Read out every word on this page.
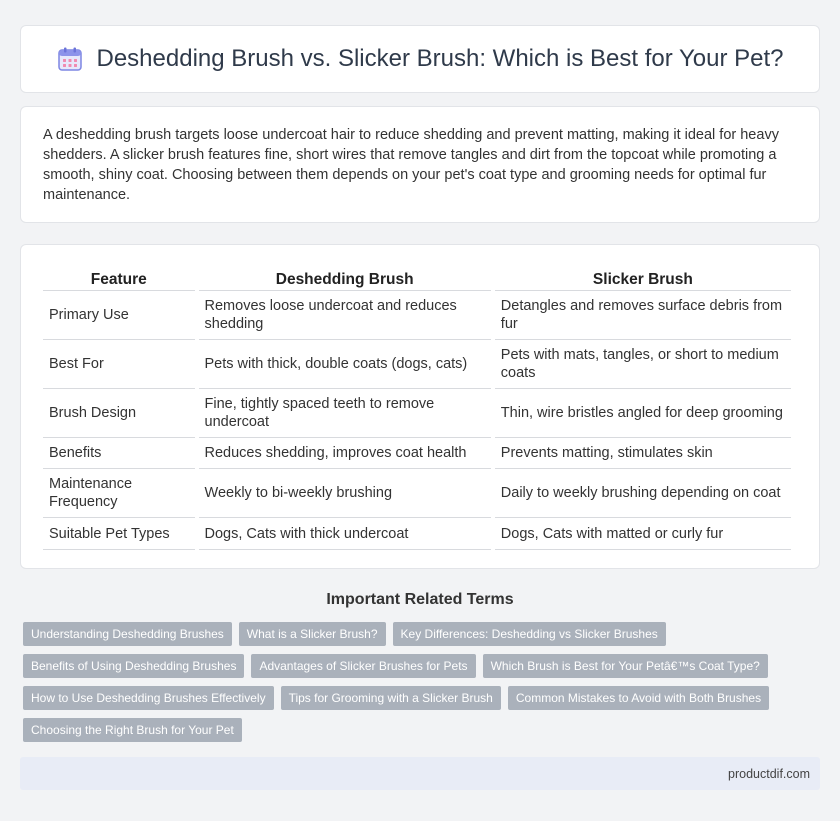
Deshedding Brush vs. Slicker Brush: Which is Best for Your Pet?

A deshedding brush targets loose undercoat hair to reduce shedding and prevent matting, making it ideal for heavy shedders. A slicker brush features fine, short wires that remove tangles and dirt from the topcoat while promoting a smooth, shiny coat. Choosing between them depends on your pet's coat type and grooming needs for optimal fur maintenance.

Feature	Deshedding Brush	Slicker Brush
Primary Use	Removes loose undercoat and reduces shedding	Detangles and removes surface debris from fur
Best For	Pets with thick, double coats (dogs, cats)	Pets with mats, tangles, or short to medium coats
Brush Design	Fine, tightly spaced teeth to remove undercoat	Thin, wire bristles angled for deep grooming
Benefits	Reduces shedding, improves coat health	Prevents matting, stimulates skin
Maintenance Frequency	Weekly to bi-weekly brushing	Daily to weekly brushing depending on coat
Suitable Pet Types	Dogs, Cats with thick undercoat	Dogs, Cats with matted or curly fur
Important Related Terms
Understanding Deshedding Brushes	What is a Slicker Brush?	Key Differences: Deshedding vs Slicker Brushes
Benefits of Using Deshedding Brushes	Advantages of Slicker Brushes for Pets	Which Brush is Best for Your Petâ€™s Coat Type?
How to Use Deshedding Brushes Effectively	Tips for Grooming with a Slicker Brush	Common Mistakes to Avoid with Both Brushes
Choosing the Right Brush for Your Pet
productdif.com
